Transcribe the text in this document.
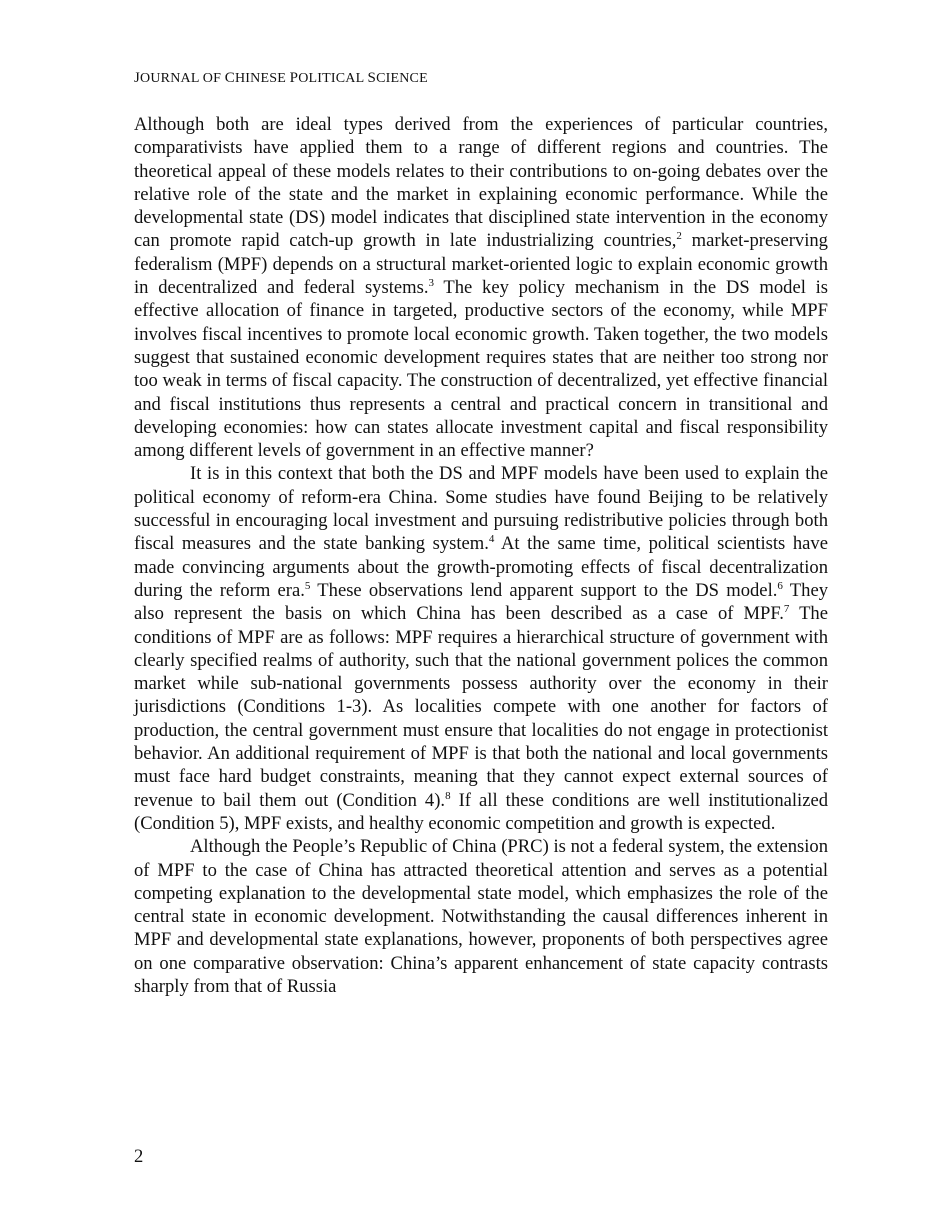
JOURNAL OF CHINESE POLITICAL SCIENCE

Although both are ideal types derived from the experiences of particular countries, comparativists have applied them to a range of different regions and countries. The theoretical appeal of these models relates to their contributions to on-going debates over the relative role of the state and the market in explaining economic performance. While the developmental state (DS) model indicates that disciplined state intervention in the economy can promote rapid catch-up growth in late industrializing countries,$^2$ market-preserving federalism (MPF) depends on a structural market-oriented logic to explain economic growth in decentralized and federal systems.$^3$ The key policy mechanism in the DS model is effective allocation of finance in targeted, productive sectors of the economy, while MPF involves fiscal incentives to promote local economic growth. Taken together, the two models suggest that sustained economic development requires states that are neither too strong nor too weak in terms of fiscal capacity. The construction of decentralized, yet effective financial and fiscal institutions thus represents a central and practical concern in transitional and developing economies: how can states allocate investment capital and fiscal responsibility among different levels of government in an effective manner?

It is in this context that both the DS and MPF models have been used to explain the political economy of reform-era China. Some studies have found Beijing to be relatively successful in encouraging local investment and pursuing redistributive policies through both fiscal measures and the state banking system.$^4$ At the same time, political scientists have made convincing arguments about the growth-promoting effects of fiscal decentralization during the reform era.$^5$ These observations lend apparent support to the DS model.$^6$ They also represent the basis on which China has been described as a case of MPF.$^7$ The conditions of MPF are as follows: MPF requires a hierarchical structure of government with clearly specified realms of authority, such that the national government polices the common market while sub-national governments possess authority over the economy in their jurisdictions (Conditions 1-3). As localities compete with one another for factors of production, the central government must ensure that localities do not engage in protectionist behavior. An additional requirement of MPF is that both the national and local governments must face hard budget constraints, meaning that they cannot expect external sources of revenue to bail them out (Condition 4).$^8$ If all these conditions are well institutionalized (Condition 5), MPF exists, and healthy economic competition and growth is expected.

Although the People’s Republic of China (PRC) is not a federal system, the extension of MPF to the case of China has attracted theoretical attention and serves as a potential competing explanation to the developmental state model, which emphasizes the role of the central state in economic development. Notwithstanding the causal differences inherent in MPF and developmental state explanations, however, proponents of both perspectives agree on one comparative observation: China’s apparent enhancement of state capacity contrasts sharply from that of Russia

2
